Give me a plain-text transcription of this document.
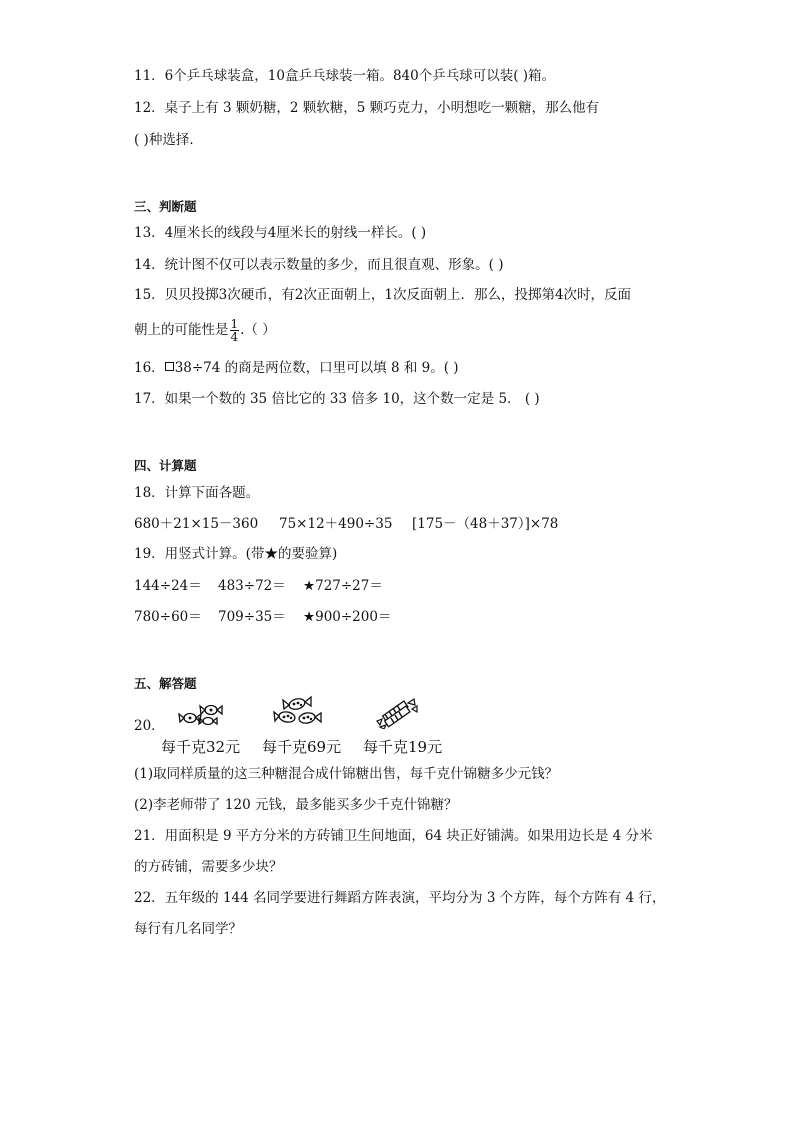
11．6个乒乓球装盒，10盒乒乓球装一箱。840个乒乓球可以装( )箱。
12．桌子上有 3 颗奶糖，2 颗软糖，5 颗巧克力，小明想吃一颗糖，那么他有
( )种选择．
三、判断题
13．4厘米长的线段与4厘米长的射线一样长。( )
14．统计图不仅可以表示数量的多少，而且很直观、形象。( )
15．贝贝投掷3次硬币，有2次正面朝上，1次反面朝上．那么，投掷第4次时，反面
朝上的可能性是 $\frac{1}{4}$ .（ ）
16． 38÷74 的商是两位数，口里可以填 8 和 9。( )
17．如果一个数的 35 倍比它的 33 倍多 10，这个数一定是 5． ( )
四、计算题
18．计算下面各题。
680＋21×15－360 75×12＋490÷35 [175－（48＋37）]×78
19．用竖式计算。(带★的要验算)
144÷24＝ 483÷72＝ ★727÷27＝
780÷60＝ 709÷35＝ ★900÷200＝
五、解答题
20．
每千克32元 每千克69元 每千克19元
(1)取同样质量的这三种糖混合成什锦糖出售，每千克什锦糖多少元钱？
(2)李老师带了 120 元钱，最多能买多少千克什锦糖？
21．用面积是 9 平方分米的方砖铺卫生间地面，64 块正好铺满。如果用边长是 4 分米
的方砖铺，需要多少块？
22．五年级的 144 名同学要进行舞蹈方阵表演，平均分为 3 个方阵，每个方阵有 4 行，
每行有几名同学？
